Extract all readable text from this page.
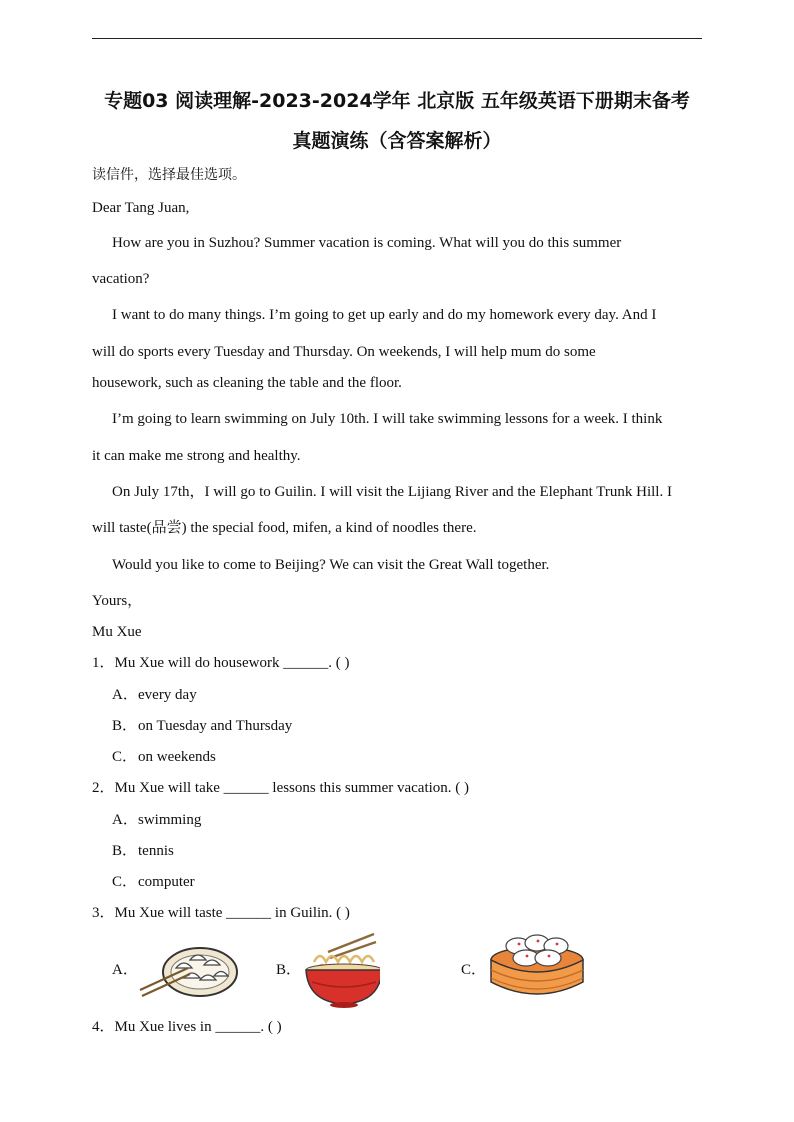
专题03 阅读理解-2023-2024学年 北京版 五年级英语下册期末备考
真题演练（含答案解析）
读信件，选择最佳选项。
Dear Tang Juan,
How are you in Suzhou? Summer vacation is coming. What will you do this summer
vacation?
I want to do many things. I’m going to get up early and do my homework every day. And I
will do sports every Tuesday and Thursday. On weekends, I will help mum do some
housework, such as cleaning the table and the floor.
I’m going to learn swimming on July 10th. I will take swimming lessons for a week. I think
it can make me strong and healthy.
On July 17th，I will go to Guilin. I will visit the Lijiang River and the Elephant Trunk Hill. I
will taste(品尝) the special food, mifen, a kind of noodles there.
Would you like to come to Beijing? We can visit the Great Wall together.
Yours，
Mu Xue
1．Mu Xue will do housework ______. ( )
A．every day
B．on Tuesday and Thursday
C．on weekends
2．Mu Xue will take ______ lessons this summer vacation. ( )
A．swimming
B．tennis
C．computer
3．Mu Xue will taste ______ in Guilin. ( )
A．	B．	C．
4．Mu Xue lives in ______. ( )
